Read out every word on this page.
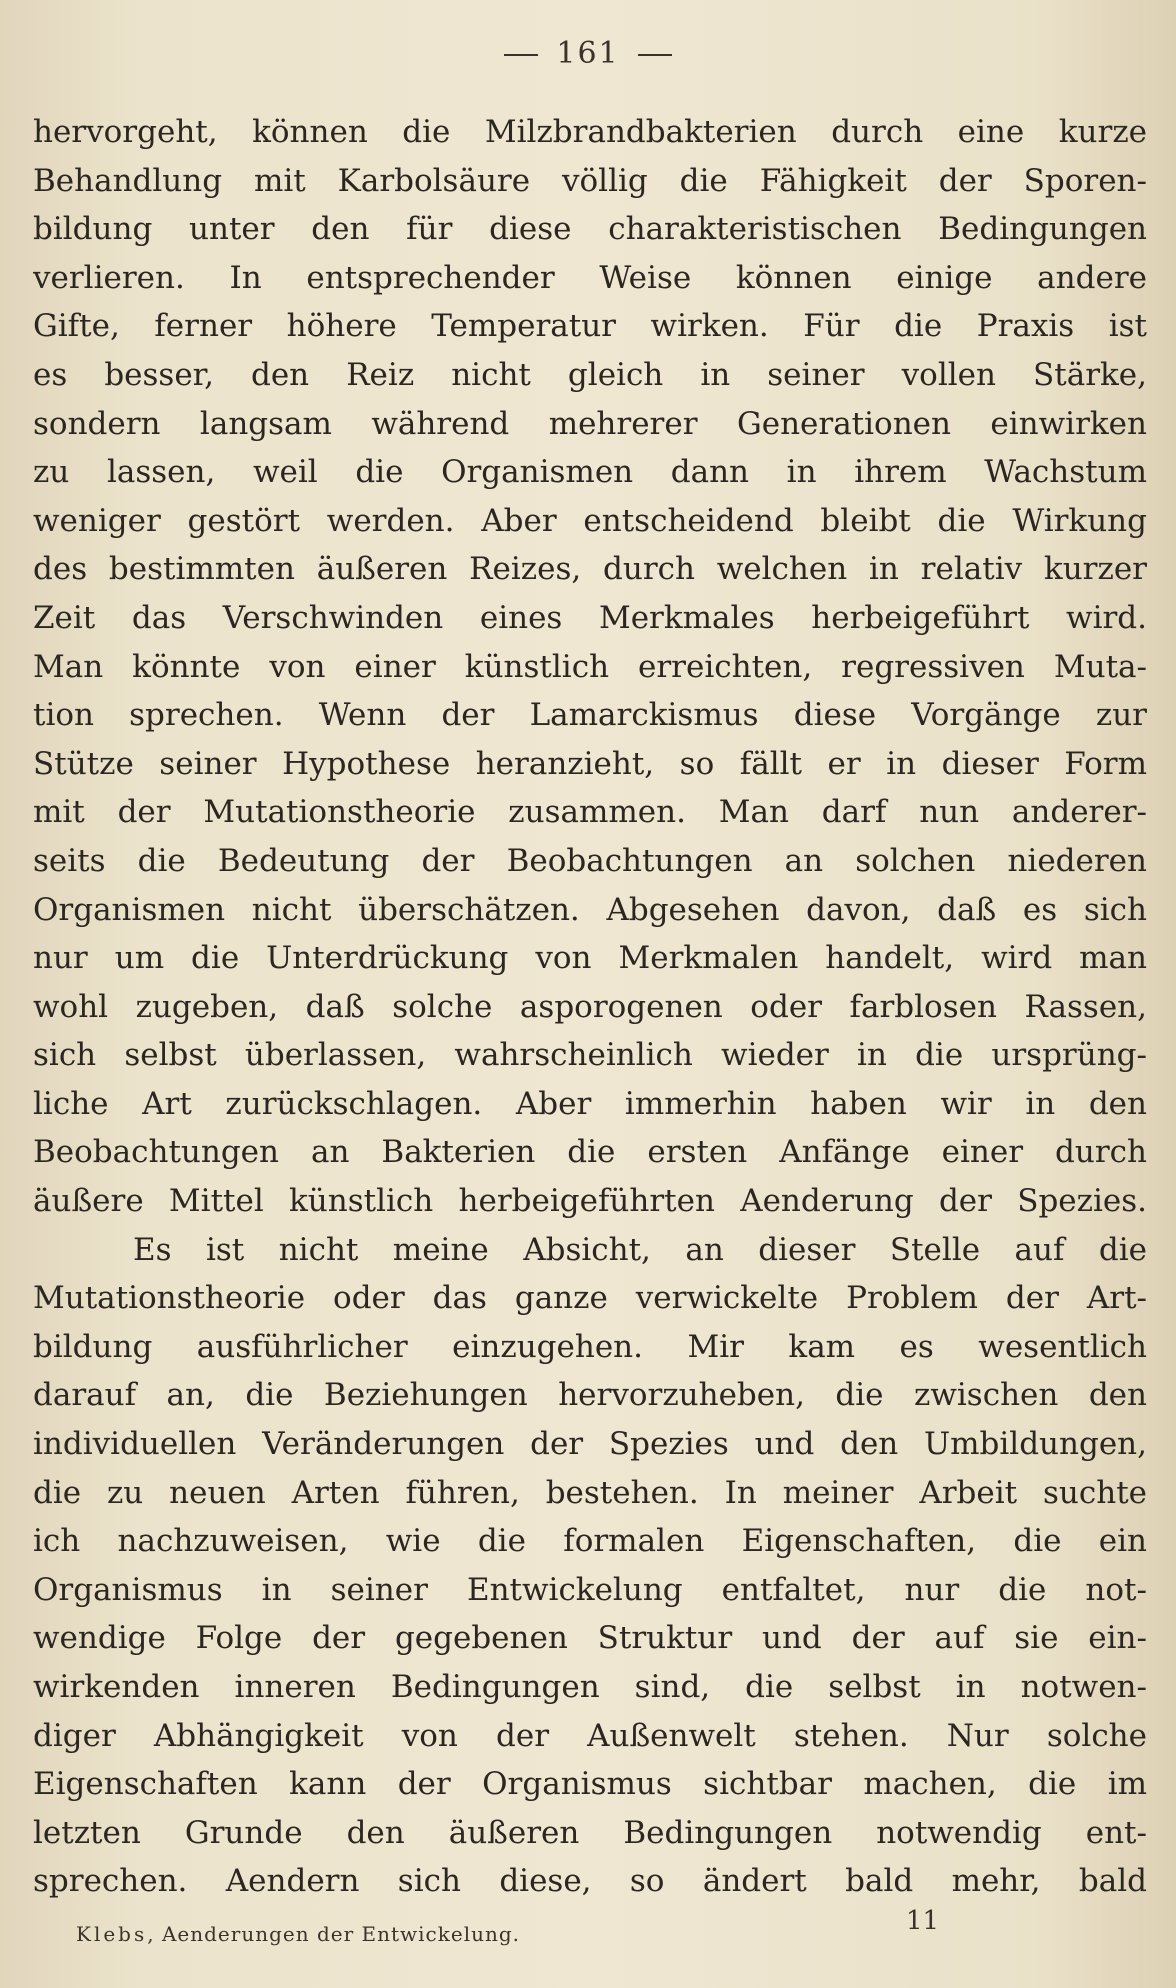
161
hervorgeht, können die Milzbrandbakterien durch eine kurze
Behandlung mit Karbolsäure völlig die Fähigkeit der Sporen-
bildung unter den für diese charakteristischen Bedingungen
verlieren. In entsprechender Weise können einige andere
Gifte, ferner höhere Temperatur wirken. Für die Praxis ist
es besser, den Reiz nicht gleich in seiner vollen Stärke,
sondern langsam während mehrerer Generationen einwirken
zu lassen, weil die Organismen dann in ihrem Wachstum
weniger gestört werden. Aber entscheidend bleibt die Wirkung
des bestimmten äußeren Reizes, durch welchen in relativ kurzer
Zeit das Verschwinden eines Merkmales herbeigeführt wird.
Man könnte von einer künstlich erreichten, regressiven Muta-
tion sprechen. Wenn der Lamarckismus diese Vorgänge zur
Stütze seiner Hypothese heranzieht, so fällt er in dieser Form
mit der Mutationstheorie zusammen. Man darf nun anderer-
seits die Bedeutung der Beobachtungen an solchen niederen
Organismen nicht überschätzen. Abgesehen davon, daß es sich
nur um die Unterdrückung von Merkmalen handelt, wird man
wohl zugeben, daß solche asporogenen oder farblosen Rassen,
sich selbst überlassen, wahrscheinlich wieder in die ursprüng-
liche Art zurückschlagen. Aber immerhin haben wir in den
Beobachtungen an Bakterien die ersten Anfänge einer durch
äußere Mittel künstlich herbeigeführten Aenderung der Spezies.
Es ist nicht meine Absicht, an dieser Stelle auf die
Mutationstheorie oder das ganze verwickelte Problem der Art-
bildung ausführlicher einzugehen. Mir kam es wesentlich
darauf an, die Beziehungen hervorzuheben, die zwischen den
individuellen Veränderungen der Spezies und den Umbildungen,
die zu neuen Arten führen, bestehen. In meiner Arbeit suchte
ich nachzuweisen, wie die formalen Eigenschaften, die ein
Organismus in seiner Entwickelung entfaltet, nur die not-
wendige Folge der gegebenen Struktur und der auf sie ein-
wirkenden inneren Bedingungen sind, die selbst in notwen-
diger Abhängigkeit von der Außenwelt stehen. Nur solche
Eigenschaften kann der Organismus sichtbar machen, die im
letzten Grunde den äußeren Bedingungen notwendig ent-
sprechen. Aendern sich diese, so ändert bald mehr, bald
Klebs, Aenderungen der Entwickelung.	11
